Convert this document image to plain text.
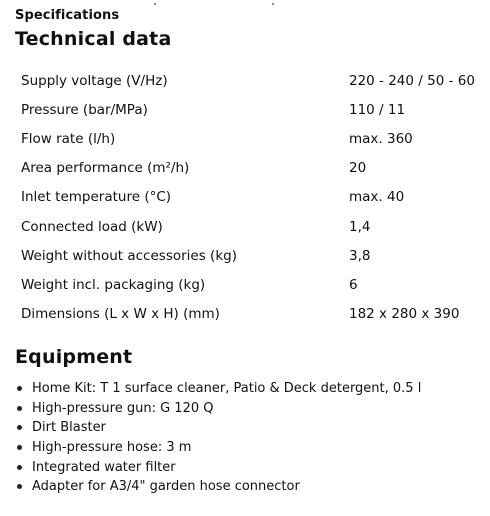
Specifications
Technical data
Supply voltage (V/Hz)	220 - 240 / 50 - 60
Pressure (bar/MPa)	110 / 11
Flow rate (l/h)	max. 360
Area performance (m²/h)	20
Inlet temperature (°C)	max. 40
Connected load (kW)	1,4
Weight without accessories (kg)	3,8
Weight incl. packaging (kg)	6
Dimensions (L x W x H) (mm)	182 x 280 x 390
Equipment
Home Kit: T 1 surface cleaner, Patio & Deck detergent, 0.5 l
High-pressure gun: G 120 Q
Dirt Blaster
High-pressure hose: 3 m
Integrated water filter
Adapter for A3/4" garden hose connector
